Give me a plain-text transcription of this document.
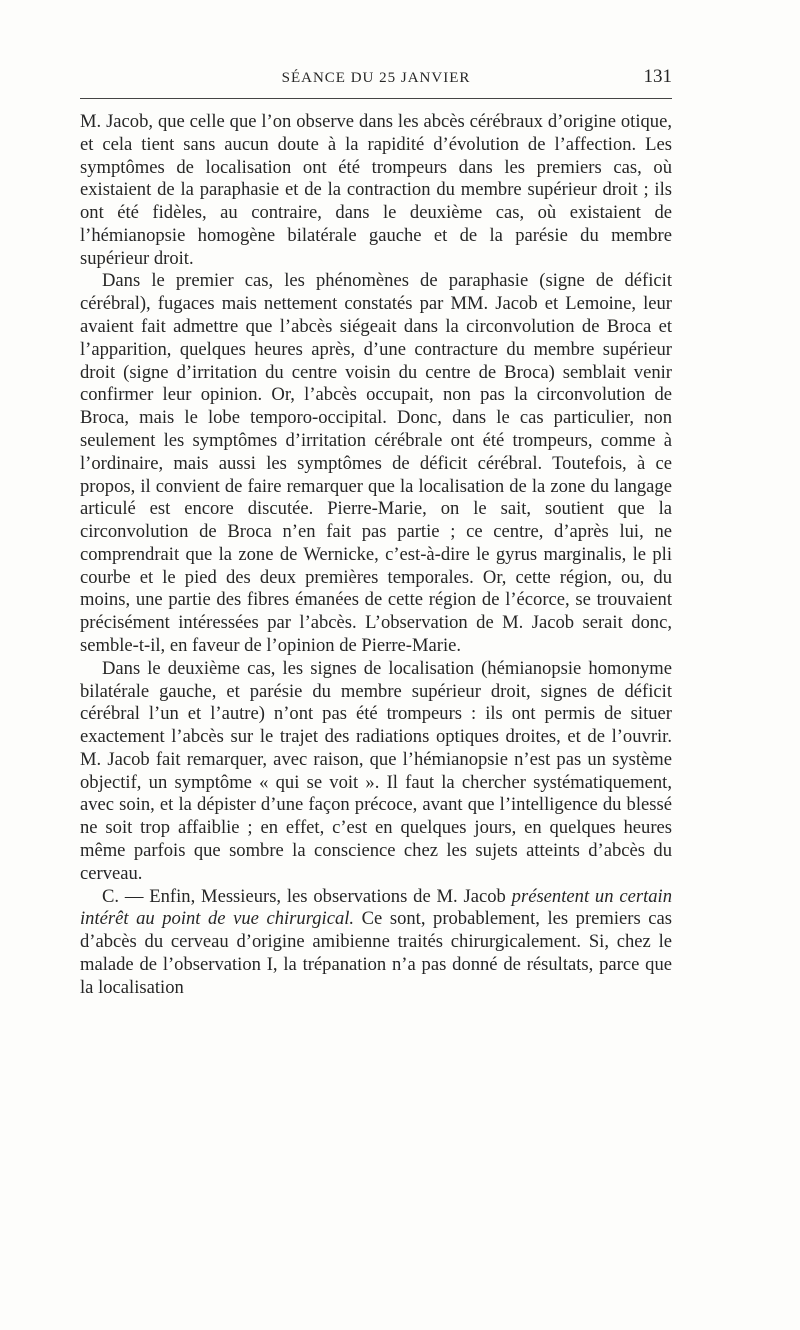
SÉANCE DU 25 JANVIER	131

M. Jacob, que celle que l’on observe dans les abcès cérébraux d’origine otique, et cela tient sans aucun doute à la rapidité d’évolution de l’affection. Les symptômes de localisation ont été trompeurs dans les premiers cas, où existaient de la paraphasie et de la contraction du membre supérieur droit ; ils ont été fidèles, au contraire, dans le deuxième cas, où existaient de l’hémianopsie homogène bilatérale gauche et de la parésie du membre supérieur droit.

Dans le premier cas, les phénomènes de paraphasie (signe de déficit cérébral), fugaces mais nettement constatés par MM. Jacob et Lemoine, leur avaient fait admettre que l’abcès siégeait dans la circonvolution de Broca et l’apparition, quelques heures après, d’une contracture du membre supérieur droit (signe d’irritation du centre voisin du centre de Broca) semblait venir confirmer leur opinion. Or, l’abcès occupait, non pas la circonvolution de Broca, mais le lobe temporo-occipital. Donc, dans le cas particulier, non seulement les symptômes d’irritation cérébrale ont été trompeurs, comme à l’ordinaire, mais aussi les symptômes de déficit cérébral. Toutefois, à ce propos, il convient de faire remarquer que la localisation de la zone du langage articulé est encore discutée. Pierre-Marie, on le sait, soutient que la circonvolution de Broca n’en fait pas partie ; ce centre, d’après lui, ne comprendrait que la zone de Wernicke, c’est-à-dire le gyrus marginalis, le pli courbe et le pied des deux premières temporales. Or, cette région, ou, du moins, une partie des fibres émanées de cette région de l’écorce, se trouvaient précisément intéressées par l’abcès. L’observation de M. Jacob serait donc, semble-t-il, en faveur de l’opinion de Pierre-Marie.

Dans le deuxième cas, les signes de localisation (hémianopsie homonyme bilatérale gauche, et parésie du membre supérieur droit, signes de déficit cérébral l’un et l’autre) n’ont pas été trompeurs : ils ont permis de situer exactement l’abcès sur le trajet des radiations optiques droites, et de l’ouvrir. M. Jacob fait remarquer, avec raison, que l’hémianopsie n’est pas un système objectif, un symptôme « qui se voit ». Il faut la chercher systématiquement, avec soin, et la dépister d’une façon précoce, avant que l’intelligence du blessé ne soit trop affaiblie ; en effet, c’est en quelques jours, en quelques heures même parfois que sombre la conscience chez les sujets atteints d’abcès du cerveau.

C. — Enfin, Messieurs, les observations de M. Jacob présentent un certain intérêt au point de vue chirurgical. Ce sont, probablement, les premiers cas d’abcès du cerveau d’origine amibienne traités chirurgicalement. Si, chez le malade de l’observation I, la trépanation n’a pas donné de résultats, parce que la localisation
